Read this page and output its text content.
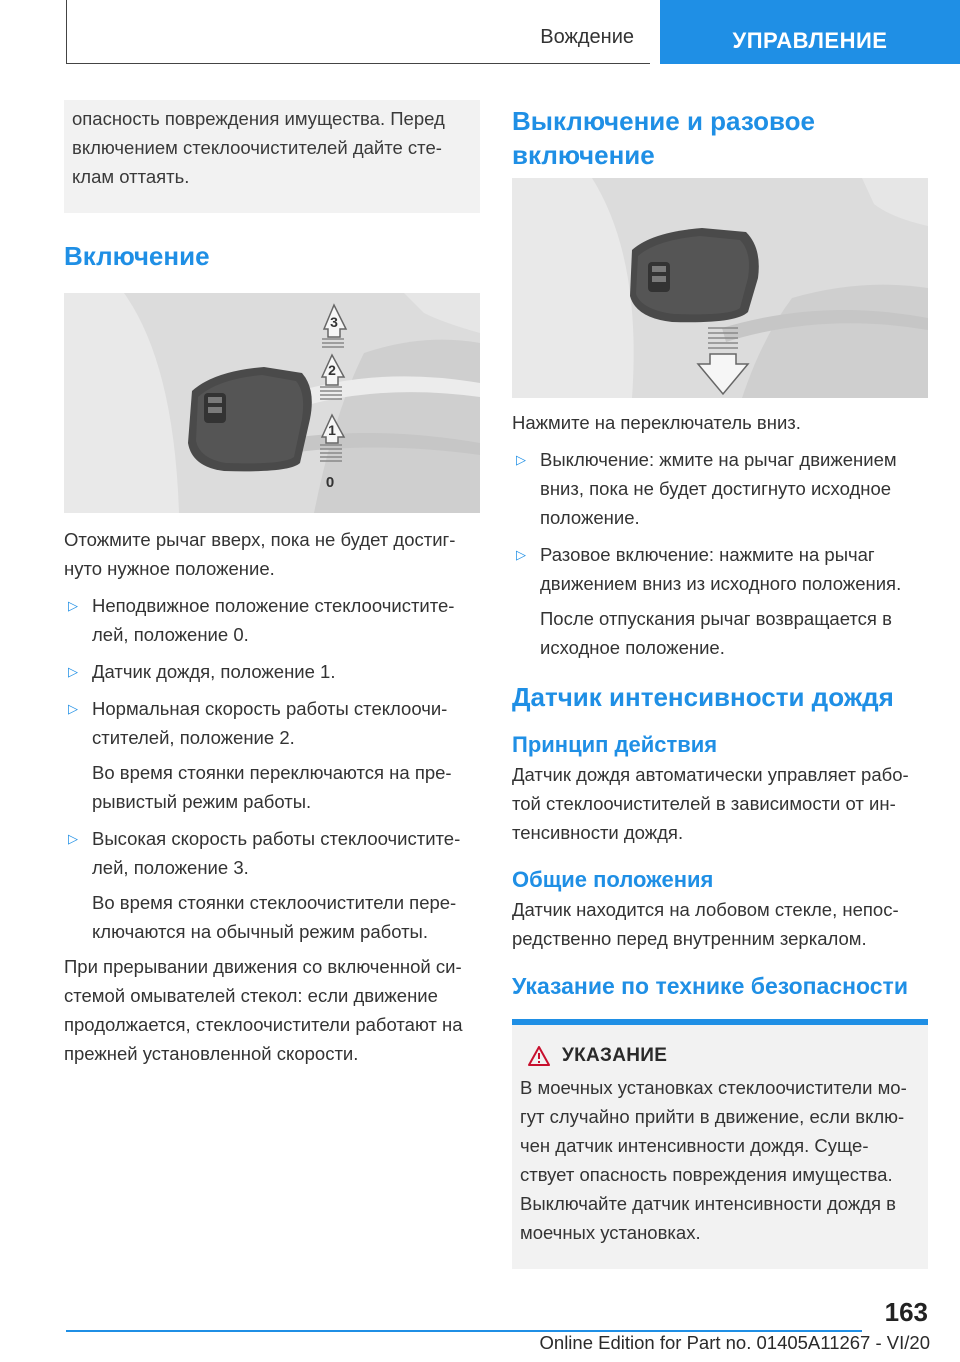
Вождение	УПРАВЛЕНИЕ
опасность повреждения имущества. Перед
включением стеклоочистителей дайте сте-
клам оттаять.
Включение
3
2
1
0
Отожмите рычаг вверх, пока не будет достиг-
нуто нужное положение.
▷ Неподвижное положение стеклоочистите-
лей, положение 0.
▷ Датчик дождя, положение 1.
▷ Нормальная скорость работы стеклоочи-
стителей, положение 2.
Во время стоянки переключаются на пре-
рывистый режим работы.
▷ Высокая скорость работы стеклоочистите-
лей, положение 3.
Во время стоянки стеклоочистители пере-
ключаются на обычный режим работы.
При прерывании движения со включенной си-
стемой омывателей стекол: если движение
продолжается, стеклоочистители работают на
прежней установленной скорости.
Выключение и разовое
включение
Нажмите на переключатель вниз.
▷ Выключение: жмите на рычаг движением
вниз, пока не будет достигнуто исходное
положение.
▷ Разовое включение: нажмите на рычаг
движением вниз из исходного положения.
После отпускания рычаг возвращается в
исходное положение.
Датчик интенсивности дождя
Принцип действия
Датчик дождя автоматически управляет рабо-
той стеклоочистителей в зависимости от ин-
тенсивности дождя.
Общие положения
Датчик находится на лобовом стекле, непос-
редственно перед внутренним зеркалом.
Указание по технике безопасности
УКАЗАНИЕ
В моечных установках стеклоочистители мо-
гут случайно прийти в движение, если вклю-
чен датчик интенсивности дождя. Суще-
ствует опасность повреждения имущества.
Выключайте датчик интенсивности дождя в
моечных установках.
163
Online Edition for Part no. 01405A11267 - VI/20
